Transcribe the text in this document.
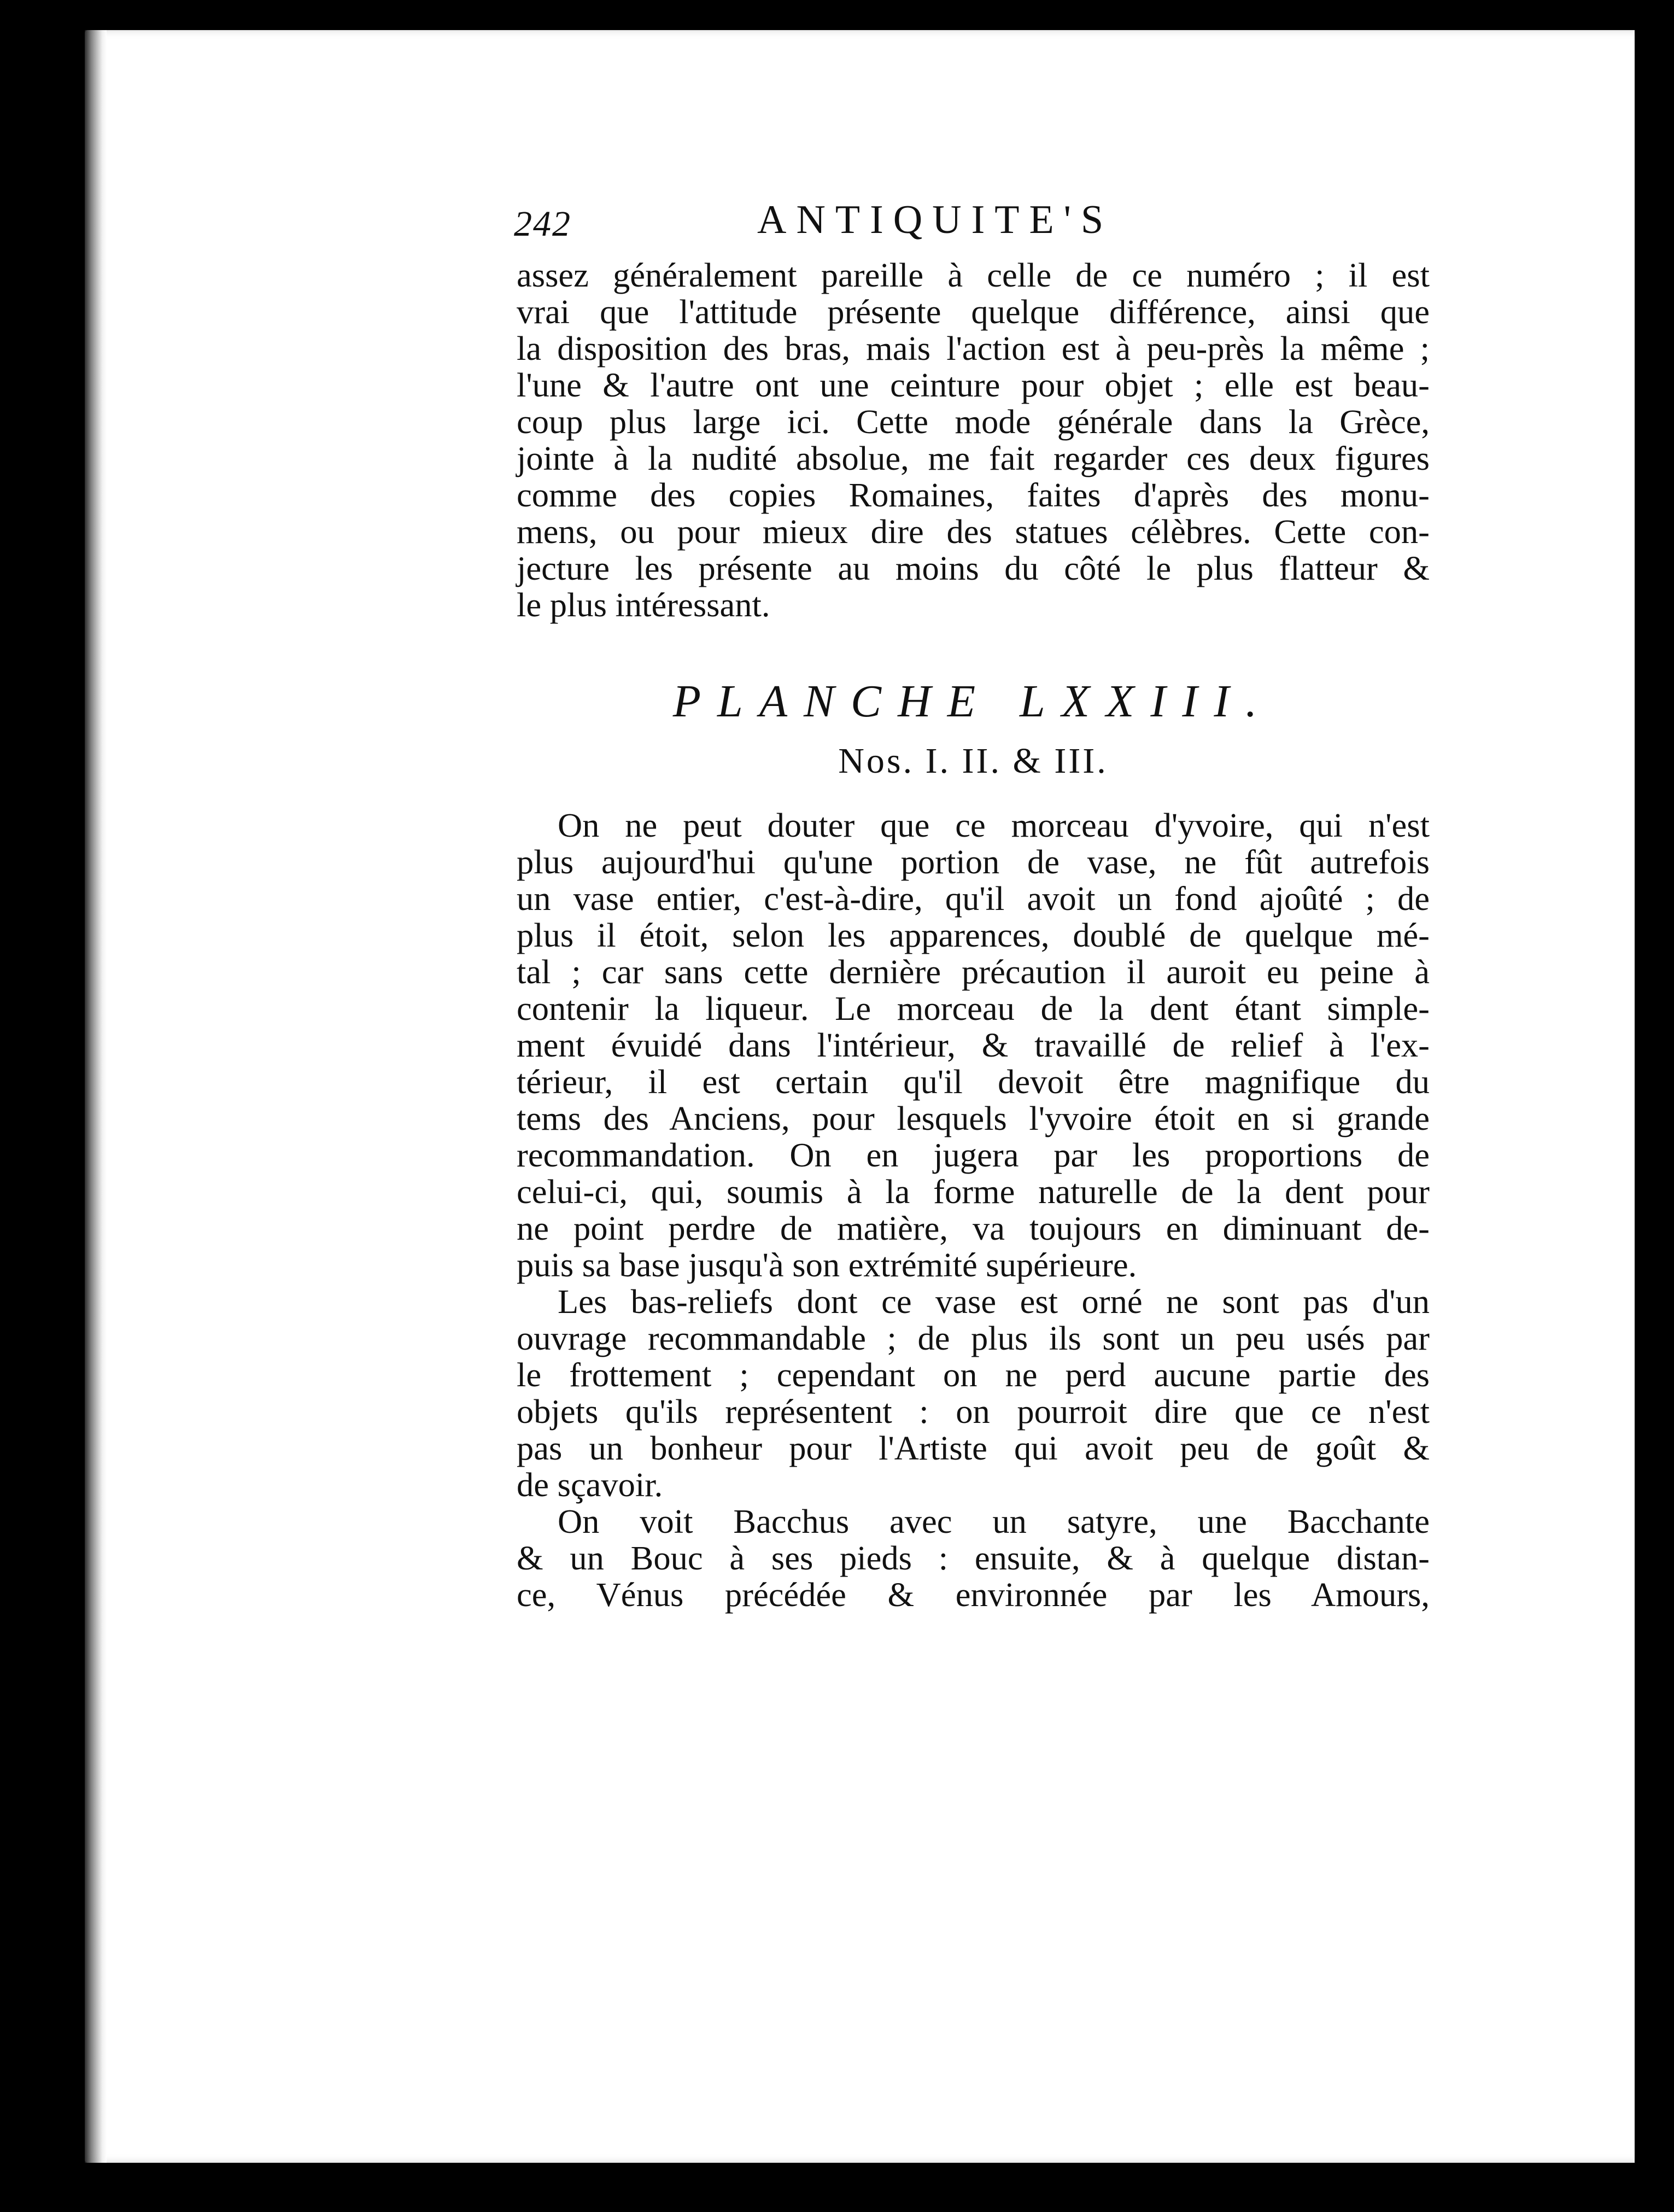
242	ANTIQUITE'S
assez généralement pareille à celle de ce numéro ; il est
vrai que l'attitude présente quelque différence, ainsi que
la disposition des bras, mais l'action est à peu-près la même ;
l'une & l'autre ont une ceinture pour objet ; elle est beau-
coup plus large ici. Cette mode générale dans la Grèce,
jointe à la nudité absolue, me fait regarder ces deux figures
comme des copies Romaines, faites d'après des monu-
mens, ou pour mieux dire des statues célèbres. Cette con-
jecture les présente au moins du côté le plus flatteur &
le plus intéressant.
PLANCHE LXXIII.
Nos. I. II. & III.
On ne peut douter que ce morceau d'yvoire, qui n'est
plus aujourd'hui qu'une portion de vase, ne fût autrefois
un vase entier, c'est-à-dire, qu'il avoit un fond ajoûté ; de
plus il étoit, selon les apparences, doublé de quelque mé-
tal ; car sans cette dernière précaution il auroit eu peine à
contenir la liqueur. Le morceau de la dent étant simple-
ment évuidé dans l'intérieur, & travaillé de relief à l'ex-
térieur, il est certain qu'il devoit être magnifique du
tems des Anciens, pour lesquels l'yvoire étoit en si grande
recommandation. On en jugera par les proportions de
celui-ci, qui, soumis à la forme naturelle de la dent pour
ne point perdre de matière, va toujours en diminuant de-
puis sa base jusqu'à son extrémité supérieure.
Les bas-reliefs dont ce vase est orné ne sont pas d'un
ouvrage recommandable ; de plus ils sont un peu usés par
le frottement ; cependant on ne perd aucune partie des
objets qu'ils représentent : on pourroit dire que ce n'est
pas un bonheur pour l'Artiste qui avoit peu de goût &
de sçavoir.
On voit Bacchus avec un satyre, une Bacchante
& un Bouc à ses pieds : ensuite, & à quelque distan-
ce, Vénus précédée & environnée par les Amours,
